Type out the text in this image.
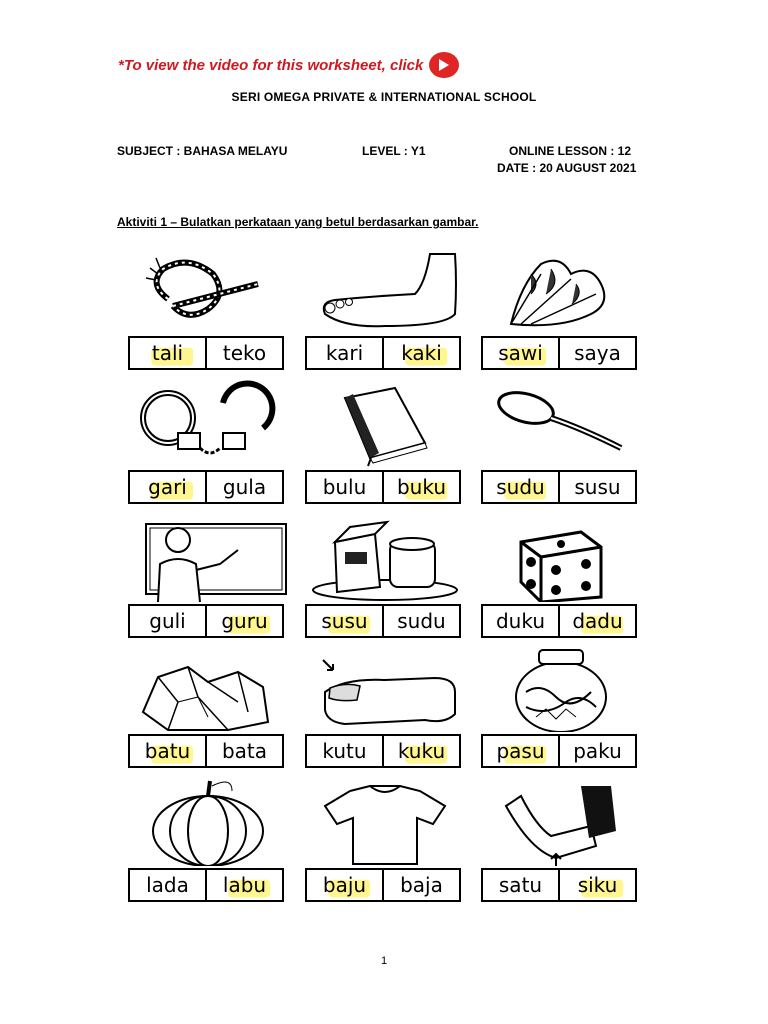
*To view the video for this worksheet, click
SERI OMEGA PRIVATE & INTERNATIONAL SCHOOL
SUBJECT : BAHASA MELAYU	LEVEL : Y1	ONLINE LESSON : 12
DATE : 20 AUGUST 2021
Aktiviti 1 – Bulatkan perkataan yang betul berdasarkan gambar.
tali teko	kari kaki	sawi saya
gari gula	bulu buku	sudu susu
guli guru	susu sudu	duku dadu
batu bata	kutu kuku	pasu paku
lada labu	baju baja	satu siku
1
